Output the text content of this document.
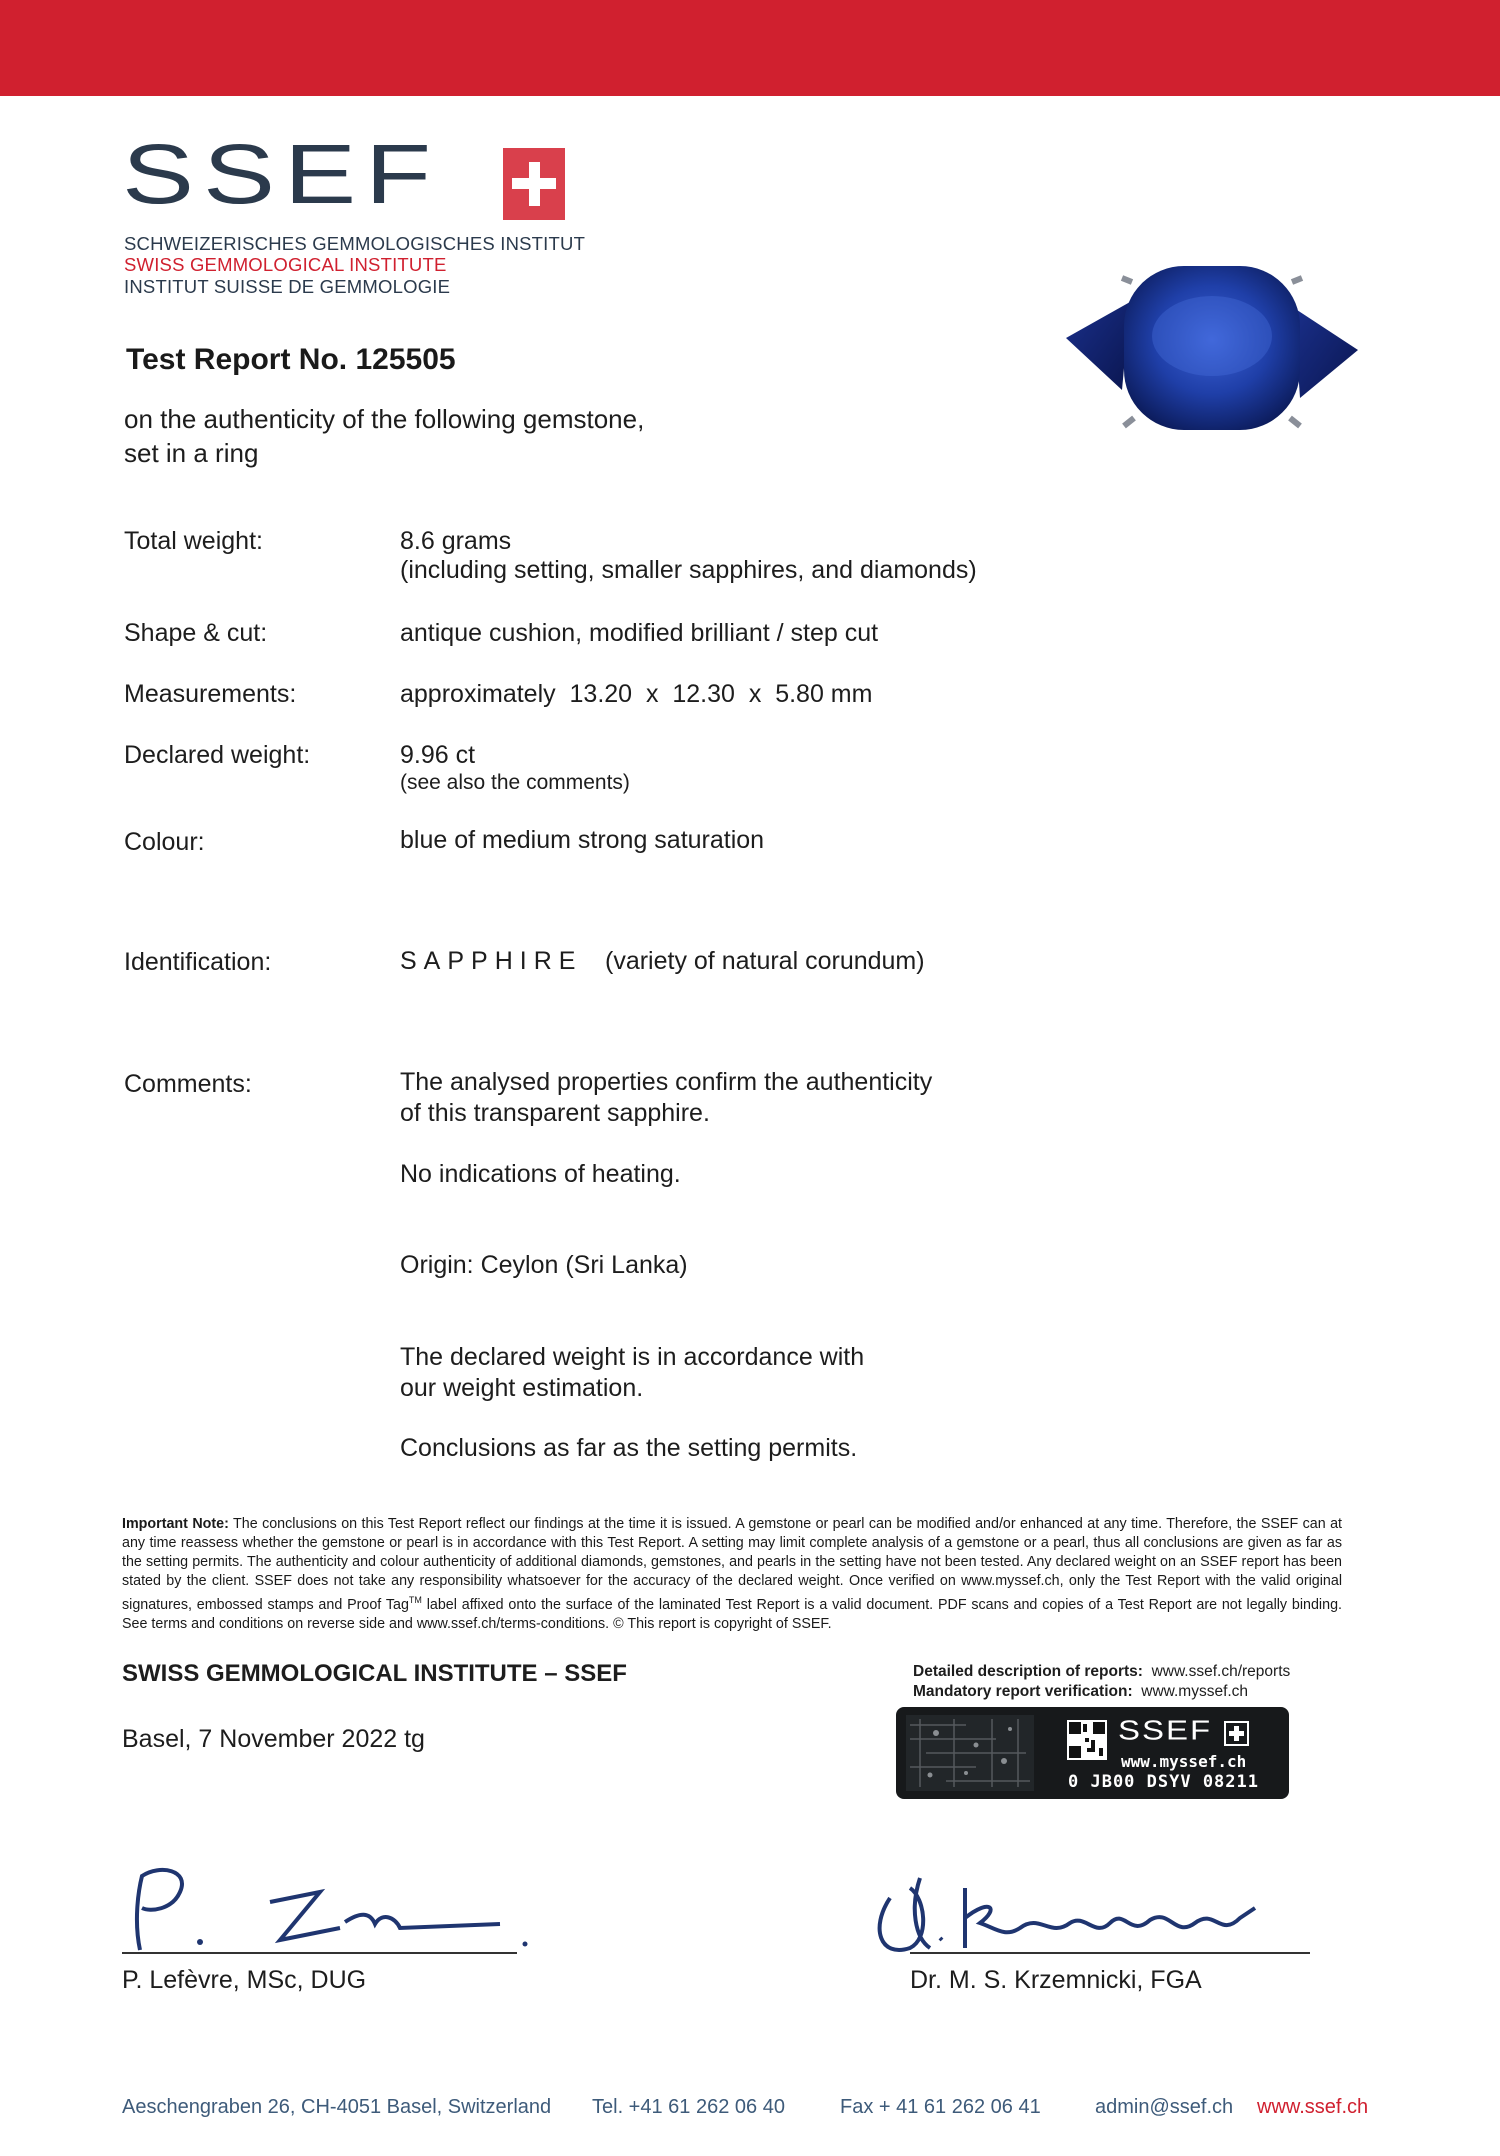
SSEF
SCHWEIZERISCHES GEMMOLOGISCHES INSTITUT
SWISS GEMMOLOGICAL INSTITUTE
INSTITUT SUISSE DE GEMMOLOGIE
Test Report No. 125505
on the authenticity of the following gemstone,
set in a ring
Total weight:	8.6 grams
(including setting, smaller sapphires, and diamonds)
Shape & cut:	antique cushion, modified brilliant / step cut
Measurements:	approximately  13.20  x  12.30  x  5.80 mm
Declared weight:	9.96 ct
(see also the comments)
Colour:	blue of medium strong saturation
Identification:	SAPPHIRE (variety of natural corundum)
Comments:	The analysed properties confirm the authenticity
of this transparent sapphire.
No indications of heating.
Origin: Ceylon (Sri Lanka)
The declared weight is in accordance with
our weight estimation.
Conclusions as far as the setting permits.
Important Note: The conclusions on this Test Report reflect our findings at the time it is issued. A gemstone or pearl can be modified and/or enhanced at any time. Therefore, the SSEF can at any time reassess whether the gemstone or pearl is in accordance with this Test Report. A setting may limit complete analysis of a gemstone or a pearl, thus all conclusions are given as far as the setting permits. The authenticity and colour authenticity of additional diamonds, gemstones, and pearls in the setting have not been tested. Any declared weight on an SSEF report has been stated by the client. SSEF does not take any responsibility whatsoever for the accuracy of the declared weight. Once verified on www.myssef.ch, only the Test Report with the valid original signatures, embossed stamps and Proof Tag™ label affixed onto the surface of the laminated Test Report is a valid document. PDF scans and copies of a Test Report are not legally binding. See terms and conditions on reverse side and www.ssef.ch/terms-conditions. © This report is copyright of SSEF.
SWISS GEMMOLOGICAL INSTITUTE – SSEF
Basel, 7 November 2022 tg
Detailed description of reports: www.ssef.ch/reports
Mandatory report verification: www.myssef.ch
SSEF
www.myssef.ch
0 JB00 DSYV 08211
P. Lefèvre, MSc, DUG	Dr. M. S. Krzemnicki, FGA
Aeschengraben 26, CH-4051 Basel, Switzerland Tel. +41 61 262 06 40	Fax + 41 61 262 06 41	admin@ssef.ch www.ssef.ch
